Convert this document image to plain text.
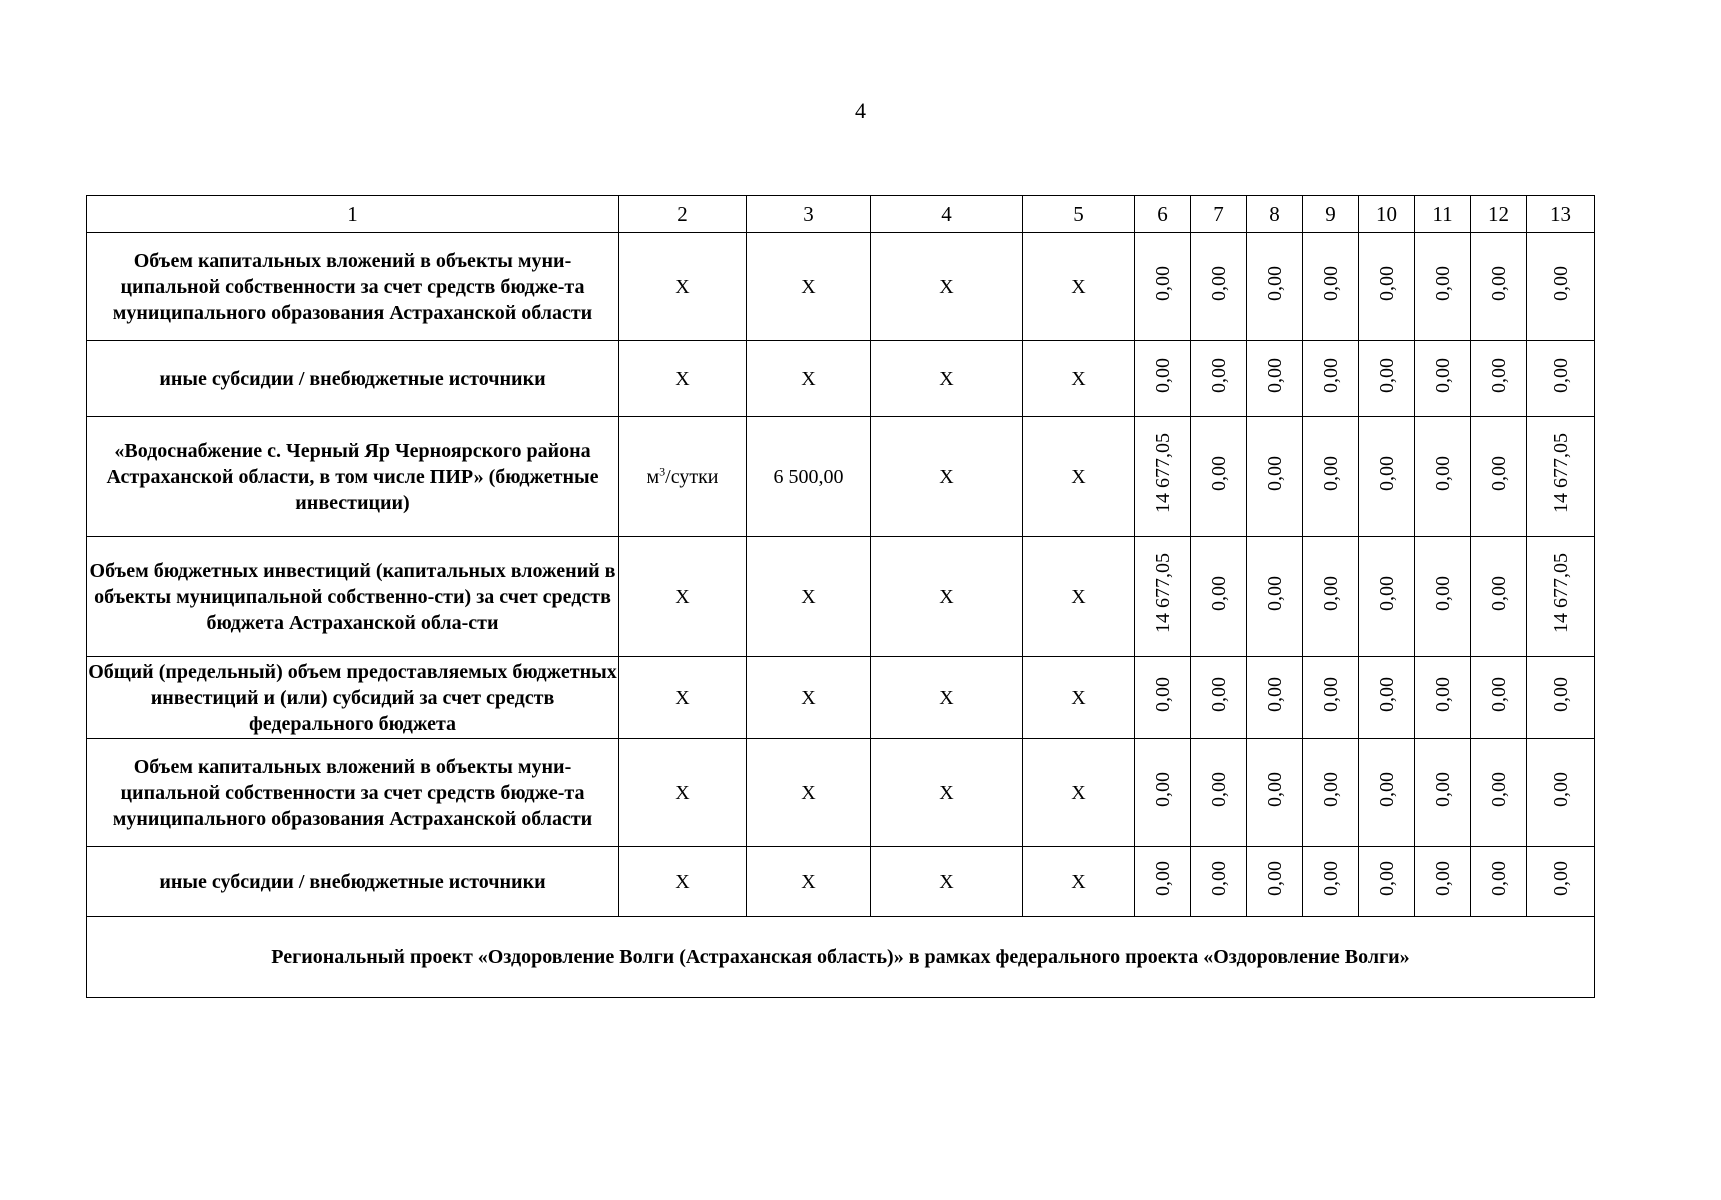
4
1	2	3	4	5	6	7	8	9	10	11	12	13
Объем капитальных вложений в объекты муни-ципальной собственности за счет средств бюдже-та муниципального образования Астраханской области	X	X	X	X	0,00	0,00	0,00	0,00	0,00	0,00	0,00	0,00
иные субсидии / внебюджетные источники	X	X	X	X	0,00	0,00	0,00	0,00	0,00	0,00	0,00	0,00
«Водоснабжение с. Черный Яр Черноярского района Астраханской области, в том числе ПИР» (бюджетные инвестиции)	$м^3$/сутки	6 500,00	X	X	14 677,05	0,00	0,00	0,00	0,00	0,00	0,00	14 677,05
Объем бюджетных инвестиций (капитальных вложений в объекты муниципальной собственно-сти) за счет средств бюджета Астраханской обла-сти	X	X	X	X	14 677,05	0,00	0,00	0,00	0,00	0,00	0,00	14 677,05
Общий (предельный) объем предоставляемых бюджетных инвестиций и (или) субсидий за счет средств федерального бюджета	X	X	X	X	0,00	0,00	0,00	0,00	0,00	0,00	0,00	0,00
Объем капитальных вложений в объекты муни-ципальной собственности за счет средств бюдже-та муниципального образования Астраханской области	X	X	X	X	0,00	0,00	0,00	0,00	0,00	0,00	0,00	0,00
иные субсидии / внебюджетные источники	X	X	X	X	0,00	0,00	0,00	0,00	0,00	0,00	0,00	0,00
Региональный проект «Оздоровление Волги (Астраханская область)» в рамках федерального проекта «Оздоровление Волги»												
